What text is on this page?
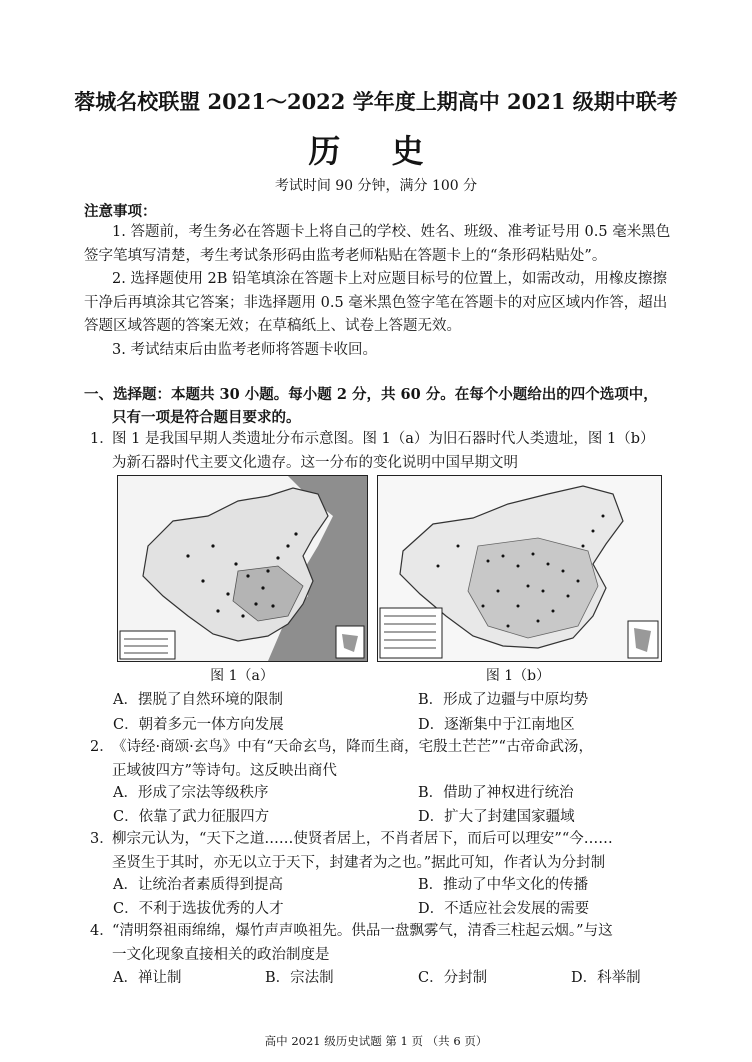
蓉城名校联盟 2021～2022 学年度上期高中 2021 级期中联考
历 史
考试时间 90 分钟，满分 100 分
注意事项：

1. 答题前，考生务必在答题卡上将自己的学校、姓名、班级、准考证号用 0.5 毫米黑色签字笔填写清楚，考生考试条形码由监考老师粘贴在答题卡上的“条形码粘贴处”。

2. 选择题使用 2B 铅笔填涂在答题卡上对应题目标号的位置上，如需改动，用橡皮擦擦干净后再填涂其它答案；非选择题用 0.5 毫米黑色签字笔在答题卡的对应区域内作答，超出答题区域答题的答案无效；在草稿纸上、试卷上答题无效。

3. 考试结束后由监考老师将答题卡收回。

一、选择题：本题共 30 小题。每小题 2 分，共 60 分。在每个小题给出的四个选项中，
只有一项是符合题目要求的。

1．图 1 是我国早期人类遗址分布示意图。图 1（a）为旧石器时代人类遗址，图 1（b）
为新石器时代主要文化遗存。这一分布的变化说明中国早期文明

图 1（a）	图 1（b）
A．摆脱了自然环境的限制	B．形成了边疆与中原均势
C．朝着多元一体方向发展	D．逐渐集中于江南地区

2．《诗经·商颂·玄鸟》中有“天命玄鸟，降而生商，宅殷土芒芒”“古帝命武汤，
正域彼四方”等诗句。这反映出商代

A．形成了宗法等级秩序	B．借助了神权进行统治
C．依靠了武力征服四方	D．扩大了封建国家疆域

3．柳宗元认为，“天下之道……使贤者居上，不肖者居下，而后可以理安”“今……
圣贤生于其时，亦无以立于天下，封建者为之也。”据此可知，作者认为分封制

A．让统治者素质得到提高	B．推动了中华文化的传播
C．不利于选拔优秀的人才	D．不适应社会发展的需要

4．“清明祭祖雨绵绵，爆竹声声唤祖先。供品一盘飘雾气，清香三柱起云烟。”与这
一文化现象直接相关的政治制度是

A．禅让制	B．宗法制	C．分封制	D．科举制
高中 2021 级历史试题 第 1 页 （共 6 页）
